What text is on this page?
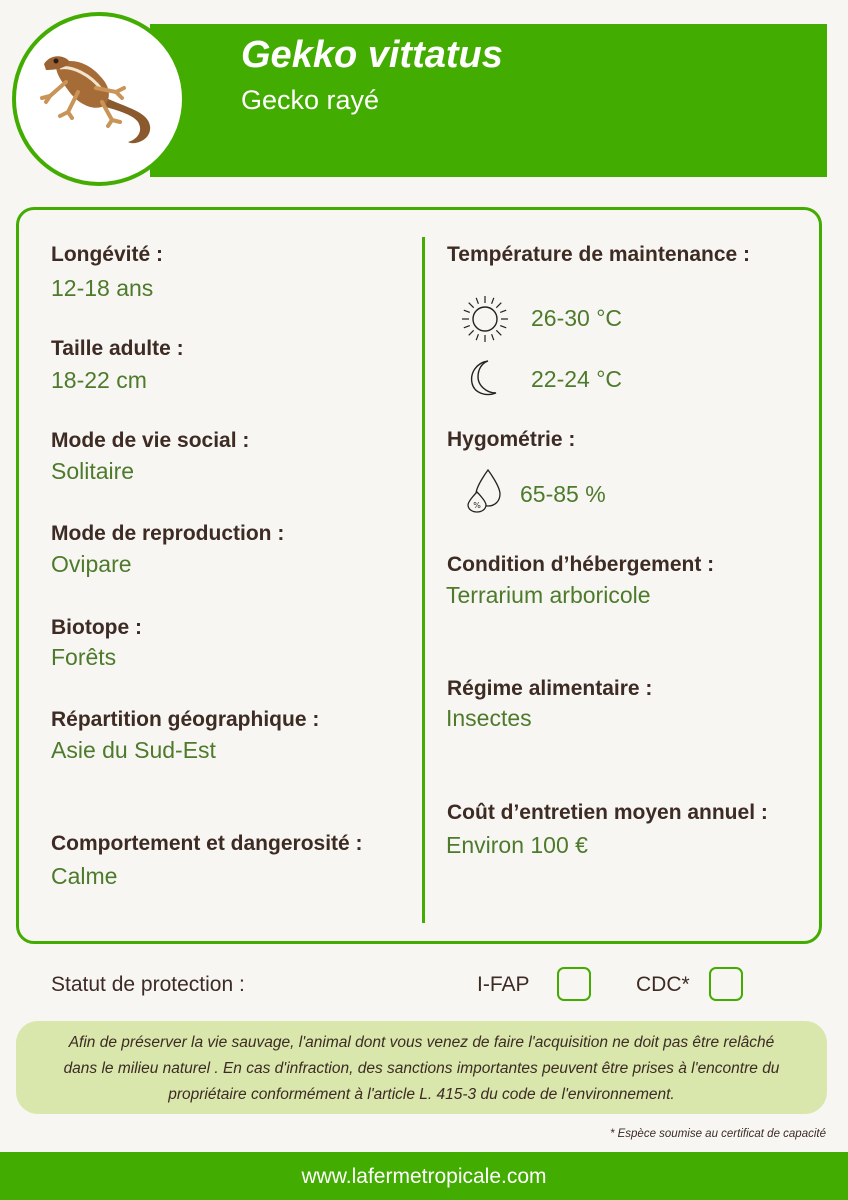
Gekko vittatus
Gecko rayé
Longévité :
12-18 ans
Taille adulte :
18-22 cm
Mode de vie social :
Solitaire
Mode de reproduction :
Ovipare
Biotope :
Forêts
Répartition géographique :
Asie du Sud-Est
Comportement et dangerosité :
Calme
Température de maintenance :
26-30 °C
22-24 °C
Hygométrie :
% 65-85 %
Condition d’hébergement :
Terrarium arboricole
Régime alimentaire :
Insectes
Coût d’entretien moyen annuel :
Environ 100 €
Statut de protection :	I-FAP	CDC*
Afin de préserver la vie sauvage, l'animal dont vous venez de faire l'acquisition ne doit pas être relâché dans le milieu naturel . En cas d'infraction, des sanctions importantes peuvent être prises à l'encontre du propriétaire conformément à l'article L. 415-3 du code de l'environnement.
* Espèce soumise au certificat de capacité
www.lafermetropicale.com
